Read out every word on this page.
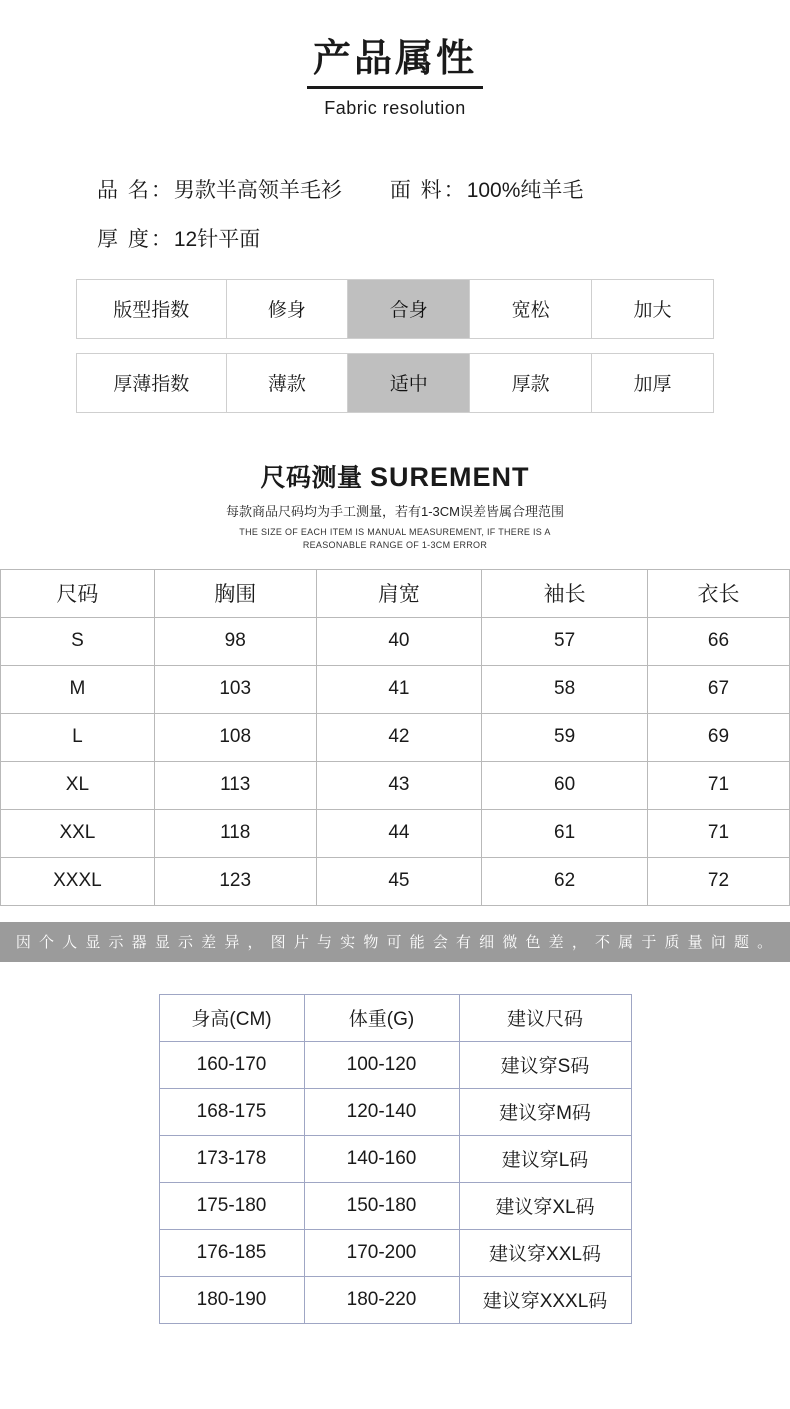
产品属性
Fabric resolution
品 名： 男款半高领羊毛衫 面 料： 100%纯羊毛
厚 度： 12针平面
版型指数	修身	合身	宽松	加大
厚薄指数	薄款	适中	厚款	加厚
尺码测量 SUREMENT
每款商品尺码均为手工测量，若有1-3CM误差皆属合理范围
THE SIZE OF EACH ITEM IS MANUAL MEASUREMENT, IF THERE IS A
REASONABLE RANGE OF 1-3CM ERROR
尺码	胸围	肩宽	袖长	衣长
S	98	40	57	66
M	103	41	58	67
L	108	42	59	69
XL	113	43	60	71
XXL	118	44	61	71
XXXL	123	45	62	72
因 个 人 显 示 器 显 示 差 异 ， 图 片 与 实 物 可 能 会 有 细 微 色 差 ， 不 属 于 质 量 问 题 。
身高(CM)	体重(G)	建议尺码
160-170	100-120	建议穿S码
168-175	120-140	建议穿M码
173-178	140-160	建议穿L码
175-180	150-180	建议穿XL码
176-185	170-200	建议穿XXL码
180-190	180-220	建议穿XXXL码
